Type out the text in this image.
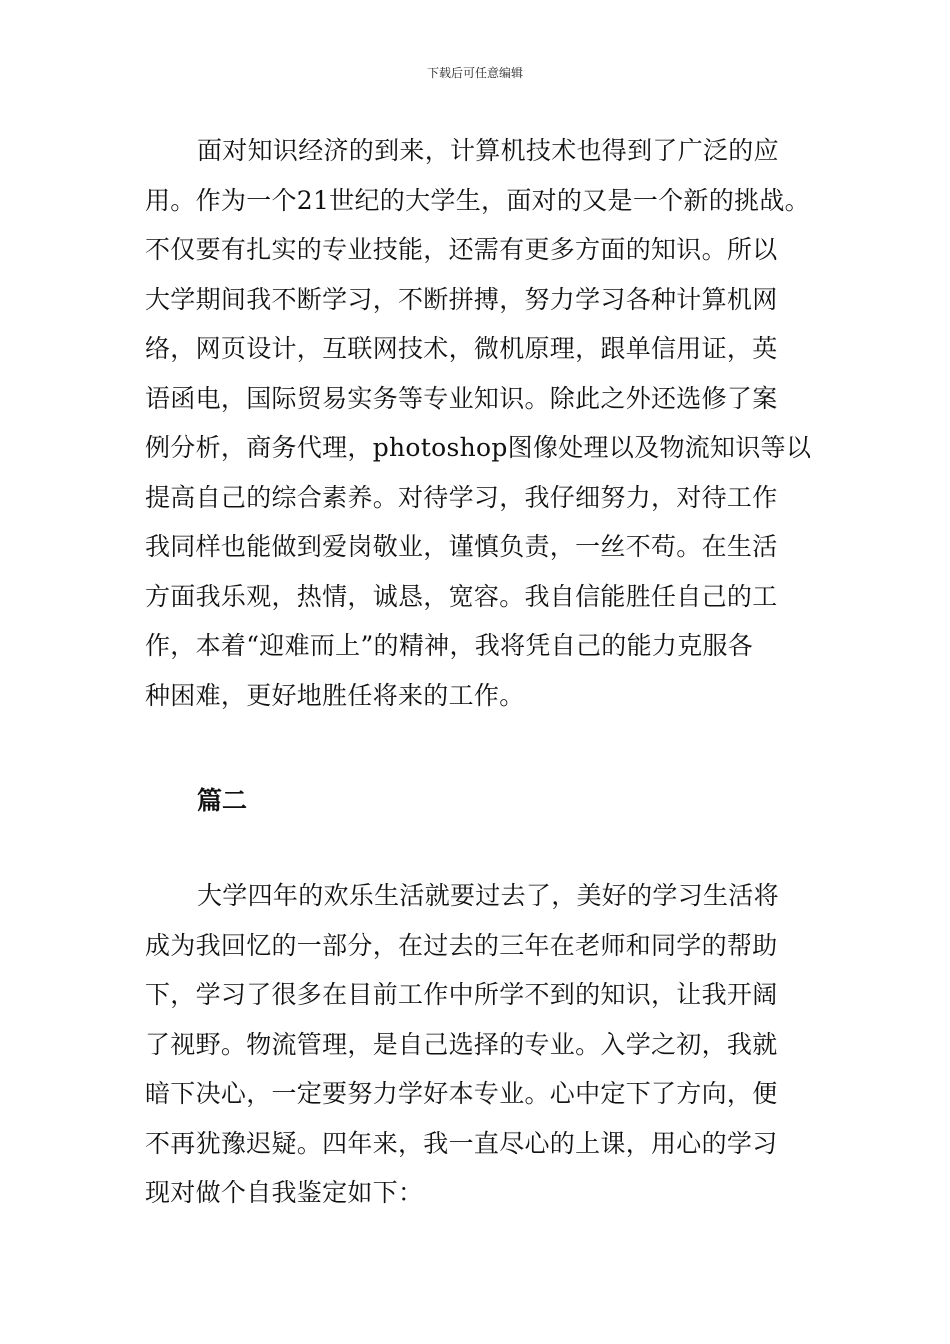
下载后可任意编辑
面对知识经济的到来，计算机技术也得到了广泛的应
用。作为一个21世纪的大学生，面对的又是一个新的挑战。
不仅要有扎实的专业技能，还需有更多方面的知识。所以
大学期间我不断学习，不断拼搏，努力学习各种计算机网
络，网页设计，互联网技术，微机原理，跟单信用证，英
语函电，国际贸易实务等专业知识。除此之外还选修了案
例分析，商务代理，photoshop图像处理以及物流知识等以
提高自己的综合素养。对待学习，我仔细努力，对待工作
我同样也能做到爱岗敬业，谨慎负责，一丝不苟。在生活
方面我乐观，热情，诚恳，宽容。我自信能胜任自己的工
作，本着“迎难而上”的精神，我将凭自己的能力克服各
种困难，更好地胜任将来的工作。
篇二
大学四年的欢乐生活就要过去了，美好的学习生活将
成为我回忆的一部分，在过去的三年在老师和同学的帮助
下，学习了很多在目前工作中所学不到的知识，让我开阔
了视野。物流管理，是自己选择的专业。入学之初，我就
暗下决心，一定要努力学好本专业。心中定下了方向，便
不再犹豫迟疑。四年来，我一直尽心的上课，用心的学习
现对做个自我鉴定如下：
